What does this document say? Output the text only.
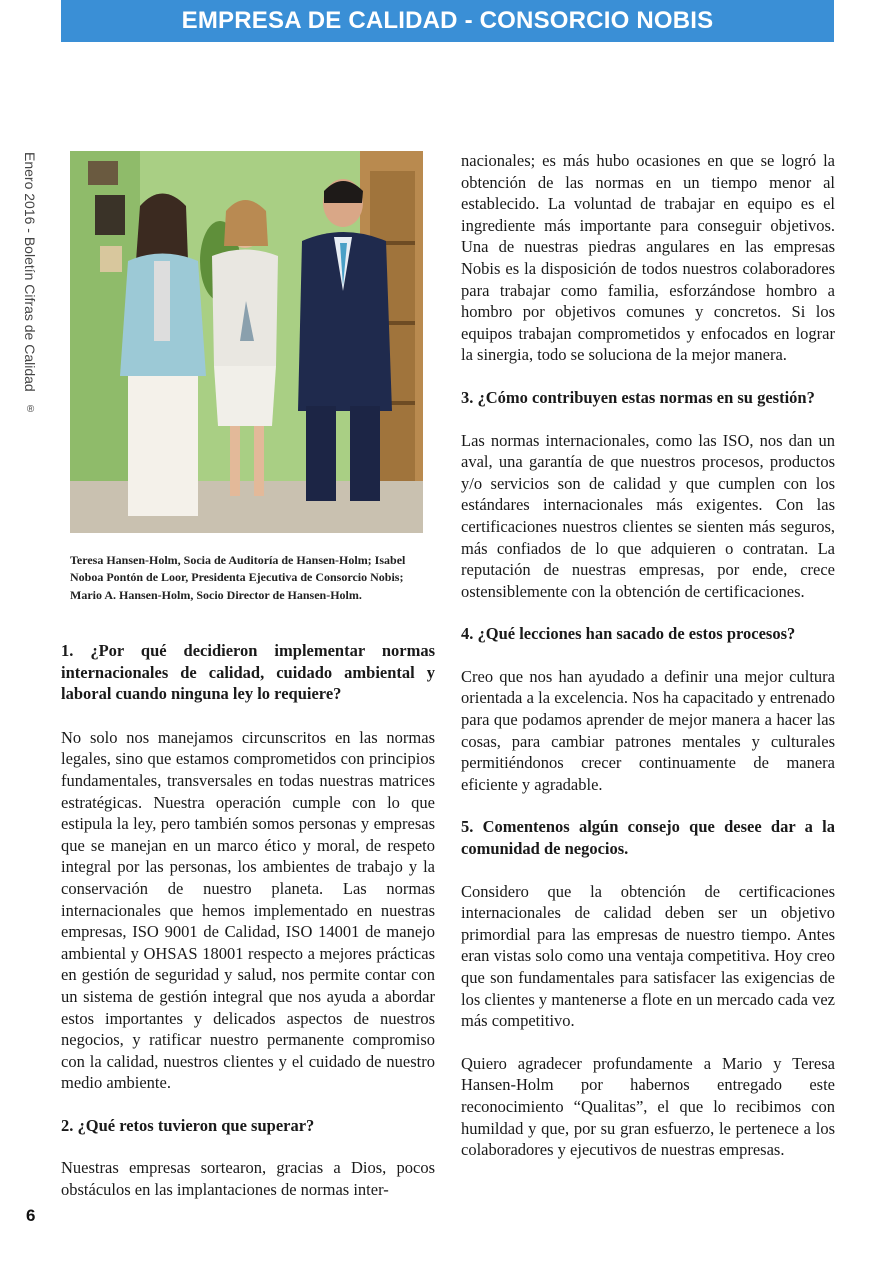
EMPRESA DE CALIDAD - CONSORCIO NOBIS
Enero 2016 - Boletín Cifras de Calidad ®
Teresa Hansen-Holm, Socia de Auditoría de Hansen-Holm; Isabel Noboa Pontón de Loor, Presidenta Ejecutiva de Consorcio Nobis; Mario A. Hansen-Holm, Socio Director de Hansen-Holm.
1. ¿Por qué decidieron implementar normas internacionales de calidad, cuidado ambiental y laboral cuando ninguna ley lo requiere?

No solo nos manejamos circunscritos en las normas legales, sino que estamos comprometidos con principios fundamentales, transversales en todas nuestras matrices estratégicas. Nuestra operación cumple con lo que estipula la ley, pero también somos personas y empresas que se manejan en un marco ético y moral, de respeto integral por las personas, los ambientes de trabajo y la conservación de nuestro planeta. Las normas internacionales que hemos implementado en nuestras empresas, ISO 9001 de Calidad, ISO 14001 de manejo ambiental y OHSAS 18001 respecto a mejores prácticas en gestión de seguridad y salud, nos permite contar con un sistema de gestión integral que nos ayuda a abordar estos importantes y delicados aspectos de nuestros negocios, y ratificar nuestro permanente compromiso con la calidad, nuestros clientes y el cuidado de nuestro medio ambiente.

2. ¿Qué retos tuvieron que superar?

Nuestras empresas sortearon, gracias a Dios, pocos obstáculos en las implantaciones de normas inter-

nacionales; es más hubo ocasiones en que se logró la obtención de las normas en un tiempo menor al establecido. La voluntad de trabajar en equipo es el ingrediente más importante para conseguir objetivos. Una de nuestras piedras angulares en las empresas Nobis es la disposición de todos nuestros colaboradores para trabajar como familia, esforzándose hombro a hombro por objetivos comunes y concretos. Si los equipos trabajan comprometidos y enfocados en lograr la sinergia, todo se soluciona de la mejor manera.

3. ¿Cómo contribuyen estas normas en su gestión?

Las normas internacionales, como las ISO, nos dan un aval, una garantía de que nuestros procesos, productos y/o servicios son de calidad y que cumplen con los estándares internacionales más exigentes. Con las certificaciones nuestros clientes se sienten más seguros, más confiados de lo que adquieren o contratan. La reputación de nuestras empresas, por ende, crece ostensiblemente con la obtención de certificaciones.

4. ¿Qué lecciones han sacado de estos procesos?

Creo que nos han ayudado a definir una mejor cultura orientada a la excelencia. Nos ha capacitado y entrenado para que podamos aprender de mejor manera a hacer las cosas, para cambiar patrones mentales y culturales permitiéndonos crecer continuamente de manera eficiente y agradable.

5. Comentenos algún consejo que desee dar a la comunidad de negocios.

Considero que la obtención de certificaciones internacionales de calidad deben ser un objetivo primordial para las empresas de nuestro tiempo. Antes eran vistas solo como una ventaja competitiva. Hoy creo que son fundamentales para satisfacer las exigencias de los clientes y mantenerse a flote en un mercado cada vez más competitivo.

Quiero agradecer profundamente a Mario y Teresa Hansen-Holm por habernos entregado este reconocimiento “Qualitas”, el que lo recibimos con humildad y que, por su gran esfuerzo, le pertenece a los colaboradores y ejecutivos de nuestras empresas.

6
